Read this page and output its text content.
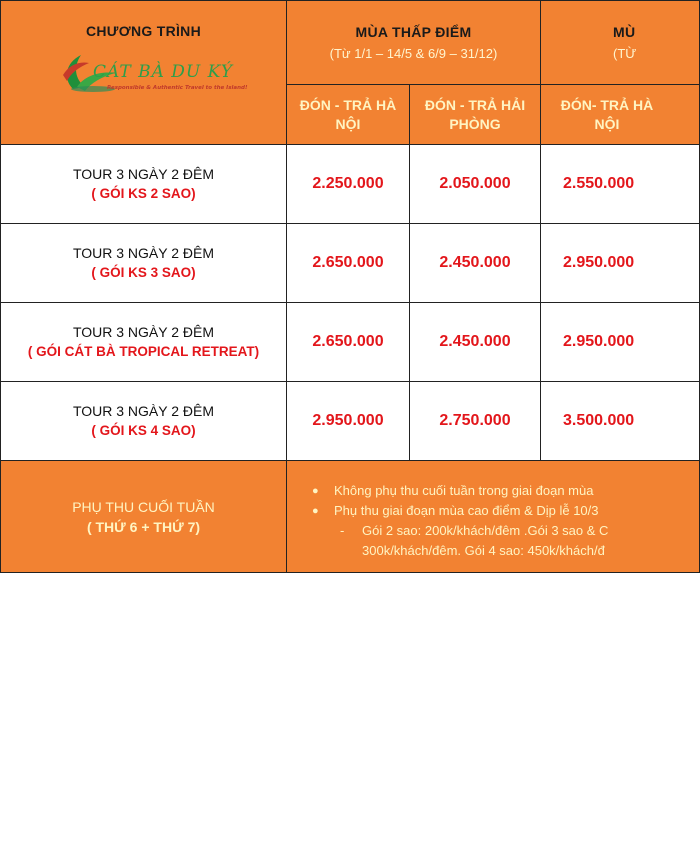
CHƯƠNG TRÌNH
CÁT BÀ DU KÝ
Responsible & Authentic Travel to the Island!
MÙA THẤP ĐIỂM
(Từ 1/1 – 14/5 & 6/9 – 31/12)
MÙ
(TỪ
ĐÓN - TRẢ HÀ NỘI
ĐÓN - TRẢ HẢI PHÒNG
ĐÓN- TRẢ HÀ NỘI
TOUR 3 NGÀY 2 ĐÊM
( GÓI KS 2 SAO)
2.250.000	2.050.000	2.550.000
TOUR 3 NGÀY 2 ĐÊM
( GÓI KS 3 SAO)
2.650.000	2.450.000	2.950.000
TOUR 3 NGÀY 2 ĐÊM
( GÓI CÁT BÀ TROPICAL RETREAT)
2.650.000	2.450.000	2.950.000
TOUR 3 NGÀY 2 ĐÊM
( GÓI KS 4 SAO)
2.950.000	2.750.000	3.500.000
PHỤ THU CUỐI TUẦN
( THỨ 6 + THỨ 7)
●	Không phụ thu cuối tuần trong giai đoạn mùa
●	Phụ thu giai đoạn mùa cao điểm & Dịp lễ 10/3
-	Gói 2 sao: 200k/khách/đêm .Gói 3 sao & C
300k/khách/đêm. Gói 4 sao: 450k/khách/đ
